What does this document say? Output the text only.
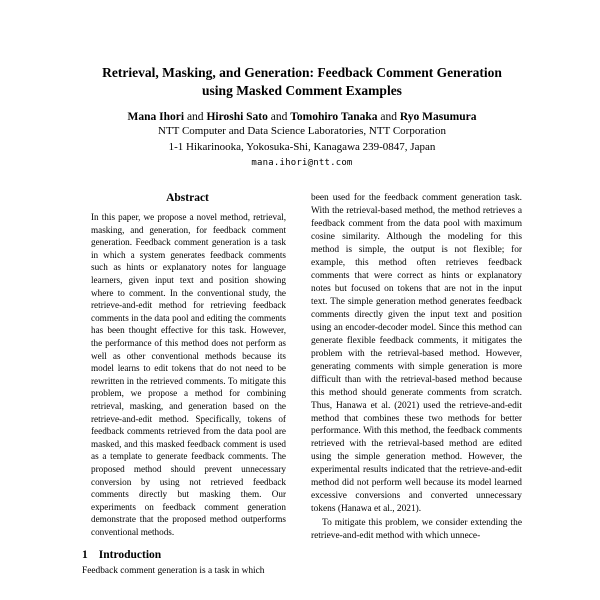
Retrieval, Masking, and Generation: Feedback Comment Generation
using Masked Comment Examples
Mana Ihori and Hiroshi Sato and Tomohiro Tanaka and Ryo Masumura
NTT Computer and Data Science Laboratories, NTT Corporation
1-1 Hikarinooka, Yokosuka-Shi, Kanagawa 239-0847, Japan
mana.ihori@ntt.com
Abstract

In this paper, we propose a novel method, retrieval, masking, and generation, for feedback comment generation. Feedback comment generation is a task in which a system generates feedback comments such as hints or explanatory notes for language learners, given input text and position showing where to comment. In the conventional study, the retrieve-and-edit method for retrieving feedback comments in the data pool and editing the comments has been thought effective for this task. However, the performance of this method does not perform as well as other conventional methods because its model learns to edit tokens that do not need to be rewritten in the retrieved comments. To mitigate this problem, we propose a method for combining retrieval, masking, and generation based on the retrieve-and-edit method. Specifically, tokens of feedback comments retrieved from the data pool are masked, and this masked feedback comment is used as a template to generate feedback comments. The proposed method should prevent unnecessary conversion by using not retrieved feedback comments directly but masking them. Our experiments on feedback comment generation demonstrate that the proposed method outperforms conventional methods.

1 Introduction

Feedback comment generation is a task in which

been used for the feedback comment generation task. With the retrieval-based method, the method retrieves a feedback comment from the data pool with maximum cosine similarity. Although the modeling for this method is simple, the output is not flexible; for example, this method often retrieves feedback comments that were correct as hints or explanatory notes but focused on tokens that are not in the input text. The simple generation method generates feedback comments directly given the input text and position using an encoder-decoder model. Since this method can generate flexible feedback comments, it mitigates the problem with the retrieval-based method. However, generating comments with simple generation is more difficult than with the retrieval-based method because this method should generate comments from scratch. Thus, Hanawa et al. (2021) used the retrieve-and-edit method that combines these two methods for better performance. With this method, the feedback comments retrieved with the retrieval-based method are edited using the simple generation method. However, the experimental results indicated that the retrieve-and-edit method did not perform well because its model learned excessive conversions and converted unnecessary tokens (Hanawa et al., 2021).

To mitigate this problem, we consider extending the retrieve-and-edit method with which unnece-
